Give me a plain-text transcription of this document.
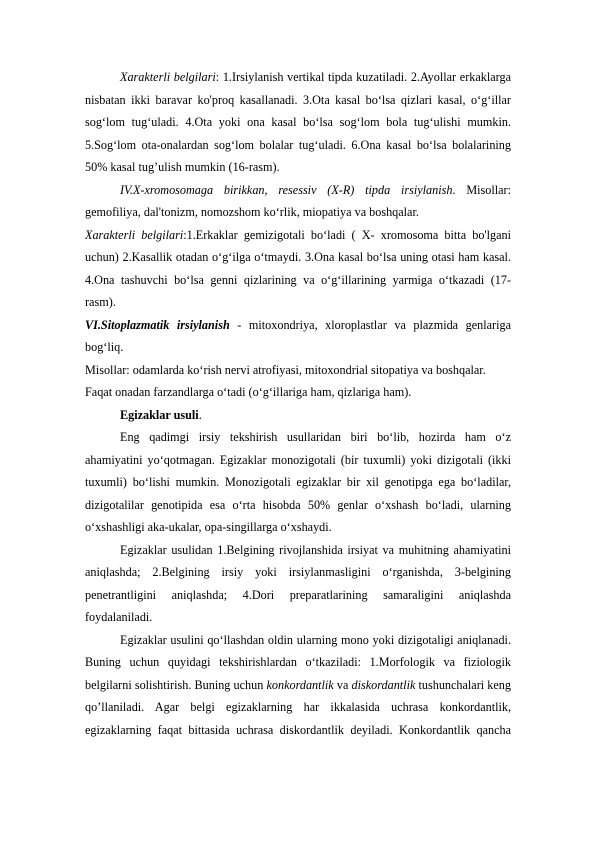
Xarakterli belgilari: 1.Irsiylanish vertikal tipda kuzatiladi. 2.Ayollar erkaklarga nisbatan ikki baravar ko'proq kasallanadi. 3.Ota kasal bo‘lsa qizlari kasal, o‘g‘illar sog‘lom tug‘uladi. 4.Ota yoki ona kasal bo‘lsa sog‘lom bola tug‘ulishi mumkin. 5.Sog‘lom ota-onalardan sog‘lom bolalar tug‘uladi. 6.Ona kasal bo‘lsa bolalarining 50% kasal tug’ulish mumkin (16-rasm).

IV.X-xromosomaga birikkan, resessiv (X-R) tipda irsiylanish. Misollar: gemofiliya, dal'tonizm, nomozshom ko‘rlik, miopatiya va boshqalar.

Xarakterli belgilari:1.Erkaklar gemizigotali bo‘ladi ( X- xromosoma bitta bo'lgani uchun) 2.Kasallik otadan o‘g‘ilga o‘tmaydi. 3.Ona kasal bo‘lsa uning otasi ham kasal. 4.Ona tashuvchi bo‘lsa genni qizlarining va o‘g‘illarining yarmiga o‘tkazadi (17-rasm).

VI.Sitoplazmatik irsiylanish - mitoxondriya, xloroplastlar va plazmida genlariga bog‘liq.

Misollar: odamlarda ko‘rish nervi atrofiyasi, mitoxondrial sitopatiya va boshqalar.

Faqat onadan farzandlarga o‘tadi (o‘g‘illariga ham, qizlariga ham).

Egizaklar usuli.

Eng qadimgi irsiy tekshirish usullaridan biri bo‘lib, hozirda ham o‘z ahamiyatini yo‘qotmagan. Egizaklar monozigotali (bir tuxumli) yoki dizigotali (ikki tuxumli) bo‘lishi mumkin. Monozigotali egizaklar bir xil genotipga ega bo‘ladilar, dizigotalilar genotipida esa o‘rta hisobda 50% genlar o‘xshash bo‘ladi, ularning o‘xshashligi aka-ukalar, opa-singillarga o‘xshaydi.

Egizaklar usulidan 1.Belgining rivojlanshida irsiyat va muhitning ahamiyatini aniqlashda; 2.Belgining irsiy yoki irsiylanmasligini o‘rganishda, 3-belgining penetrantligini aniqlashda; 4.Dori preparatlarining samaraligini aniqlashda foydalaniladi.

Egizaklar usulini qo‘llashdan oldin ularning mono yoki dizigotaligi aniqlanadi. Buning uchun quyidagi tekshirishlardan o‘tkaziladi: 1.Morfologik va fiziologik belgilarni solishtirish. Buning uchun konkordantlik va diskordantlik tushunchalari keng qo’llaniladi. Agar belgi egizaklarning har ikkalasida uchrasa konkordantlik, egizaklarning faqat bittasida uchrasa diskordantlik deyiladi. Konkordantlik qancha
